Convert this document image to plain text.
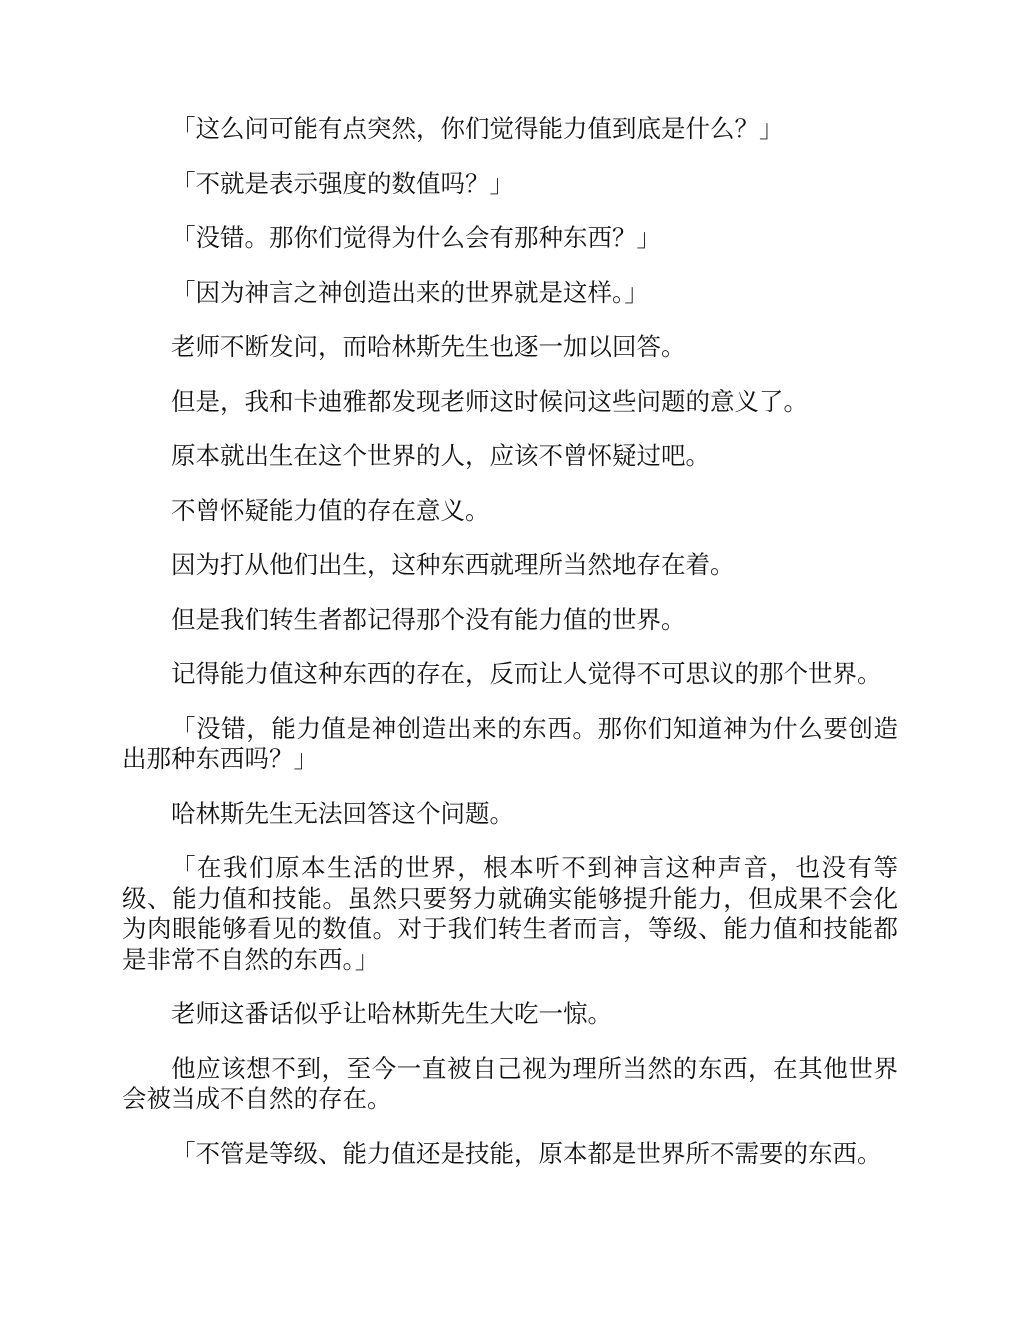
「这么问可能有点突然，你们觉得能力值到底是什么？」

「不就是表示强度的数值吗？」

「没错。那你们觉得为什么会有那种东西？」

「因为神言之神创造出来的世界就是这样。」

老师不断发问，而哈林斯先生也逐一加以回答。

但是，我和卡迪雅都发现老师这时候问这些问题的意义了。

原本就出生在这个世界的人，应该不曾怀疑过吧。

不曾怀疑能力值的存在意义。

因为打从他们出生，这种东西就理所当然地存在着。

但是我们转生者都记得那个没有能力值的世界。

记得能力值这种东西的存在，反而让人觉得不可思议的那个世界。

「没错，能力值是神创造出来的东西。那你们知道神为什么要创造出那种东西吗？」

哈林斯先生无法回答这个问题。

「在我们原本生活的世界，根本听不到神言这种声音，也没有等级、能力值和技能。虽然只要努力就确实能够提升能力，但成果不会化为肉眼能够看见的数值。对于我们转生者而言，等级、能力值和技能都是非常不自然的东西。」

老师这番话似乎让哈林斯先生大吃一惊。

他应该想不到，至今一直被自己视为理所当然的东西，在其他世界会被当成不自然的存在。

「不管是等级、能力值还是技能，原本都是世界所不需要的东西。
